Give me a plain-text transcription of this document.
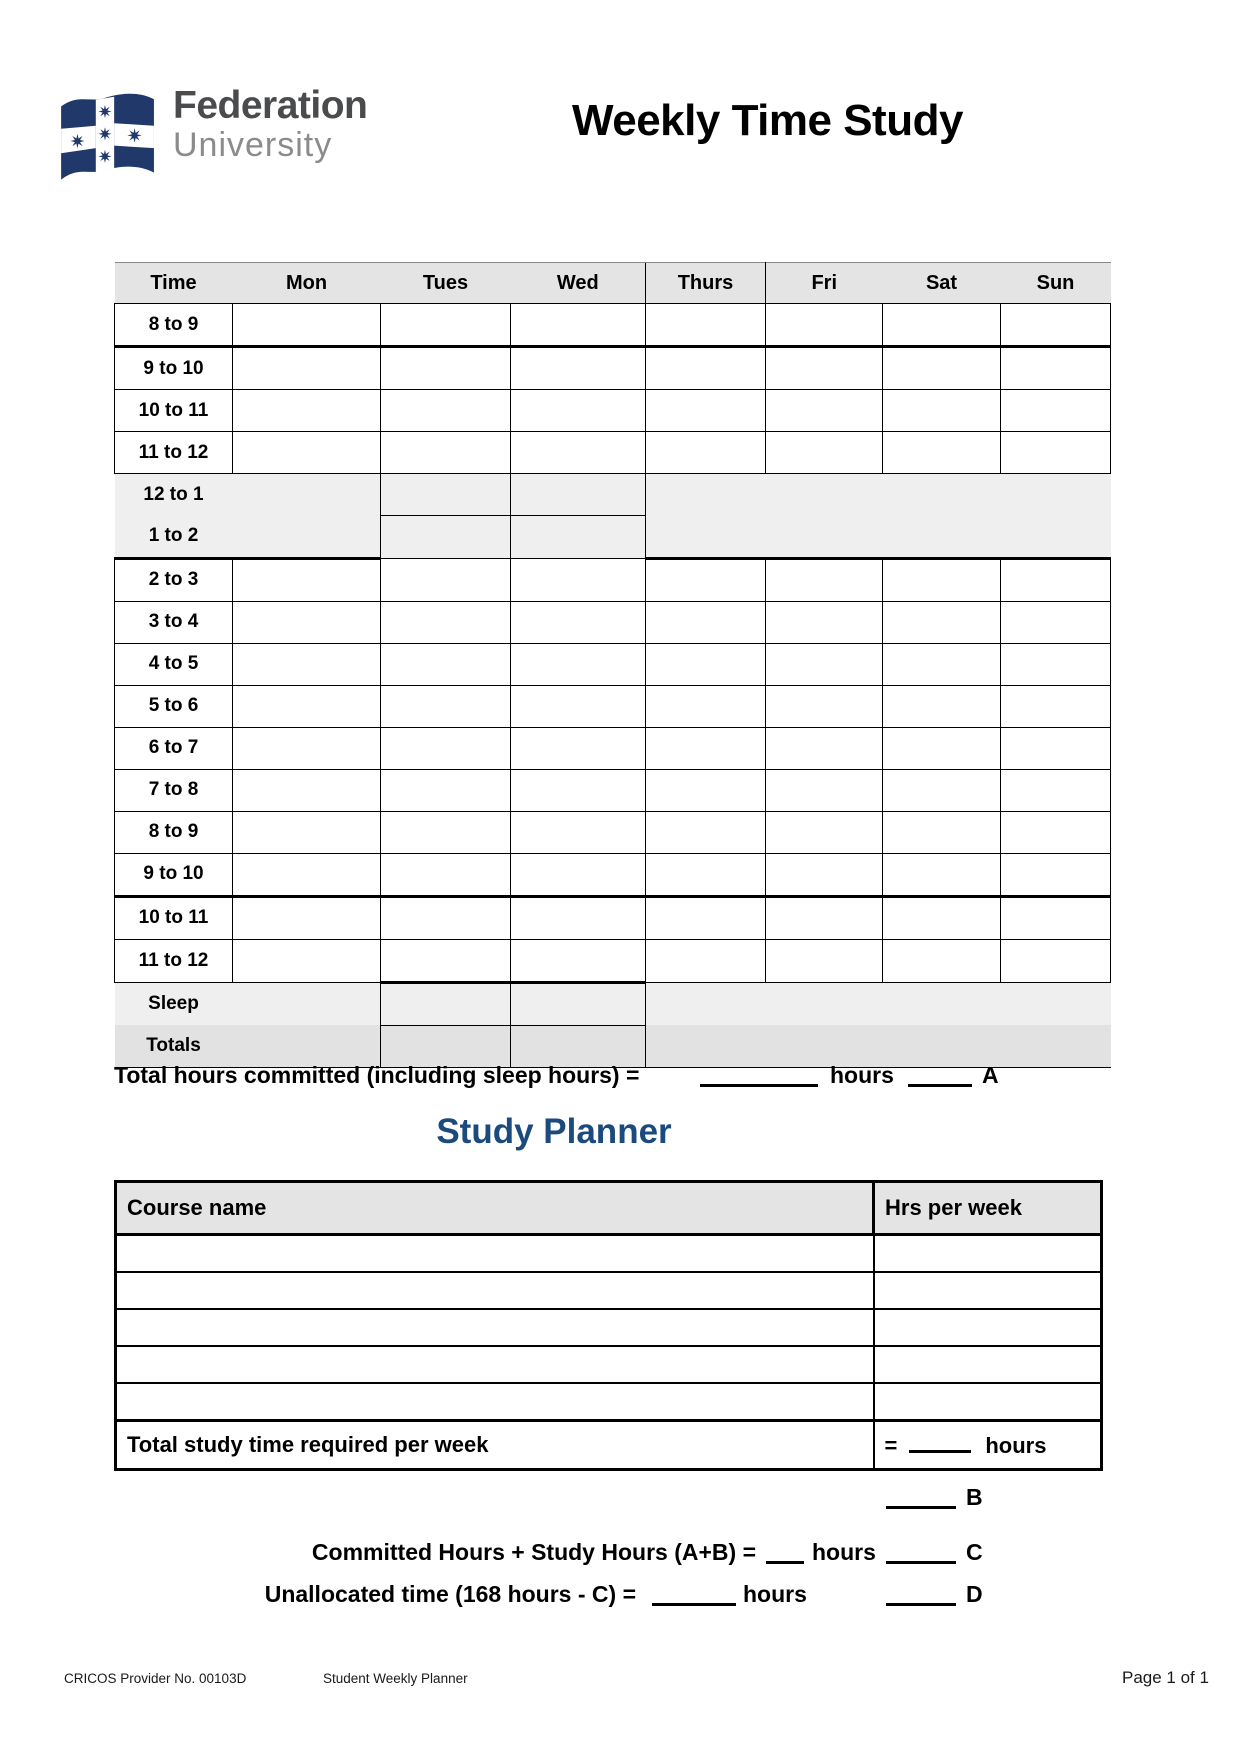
Federation
University	Weekly Time Study
Time	Mon	Tues	Wed	Thurs	Fri	Sat	Sun
8 to 9							
9 to 10							
10 to 11							
11 to 12							
12 to 1							
1 to 2							
2 to 3							
3 to 4							
4 to 5							
5 to 6							
6 to 7							
7 to 8							
8 to 9							
9 to 10							
10 to 11							
11 to 12							
Sleep							
Totals							
Total hours committed (including sleep hours) =	hours	A
Study Planner
Course name	Hrs per week

Total study time required per week	= hours
B
Committed Hours + Study Hours (A+B) = hours	C
Unallocated time (168 hours - C) =	hours	D
CRICOS Provider No. 00103D	Student Weekly Planner	Page 1 of 1
